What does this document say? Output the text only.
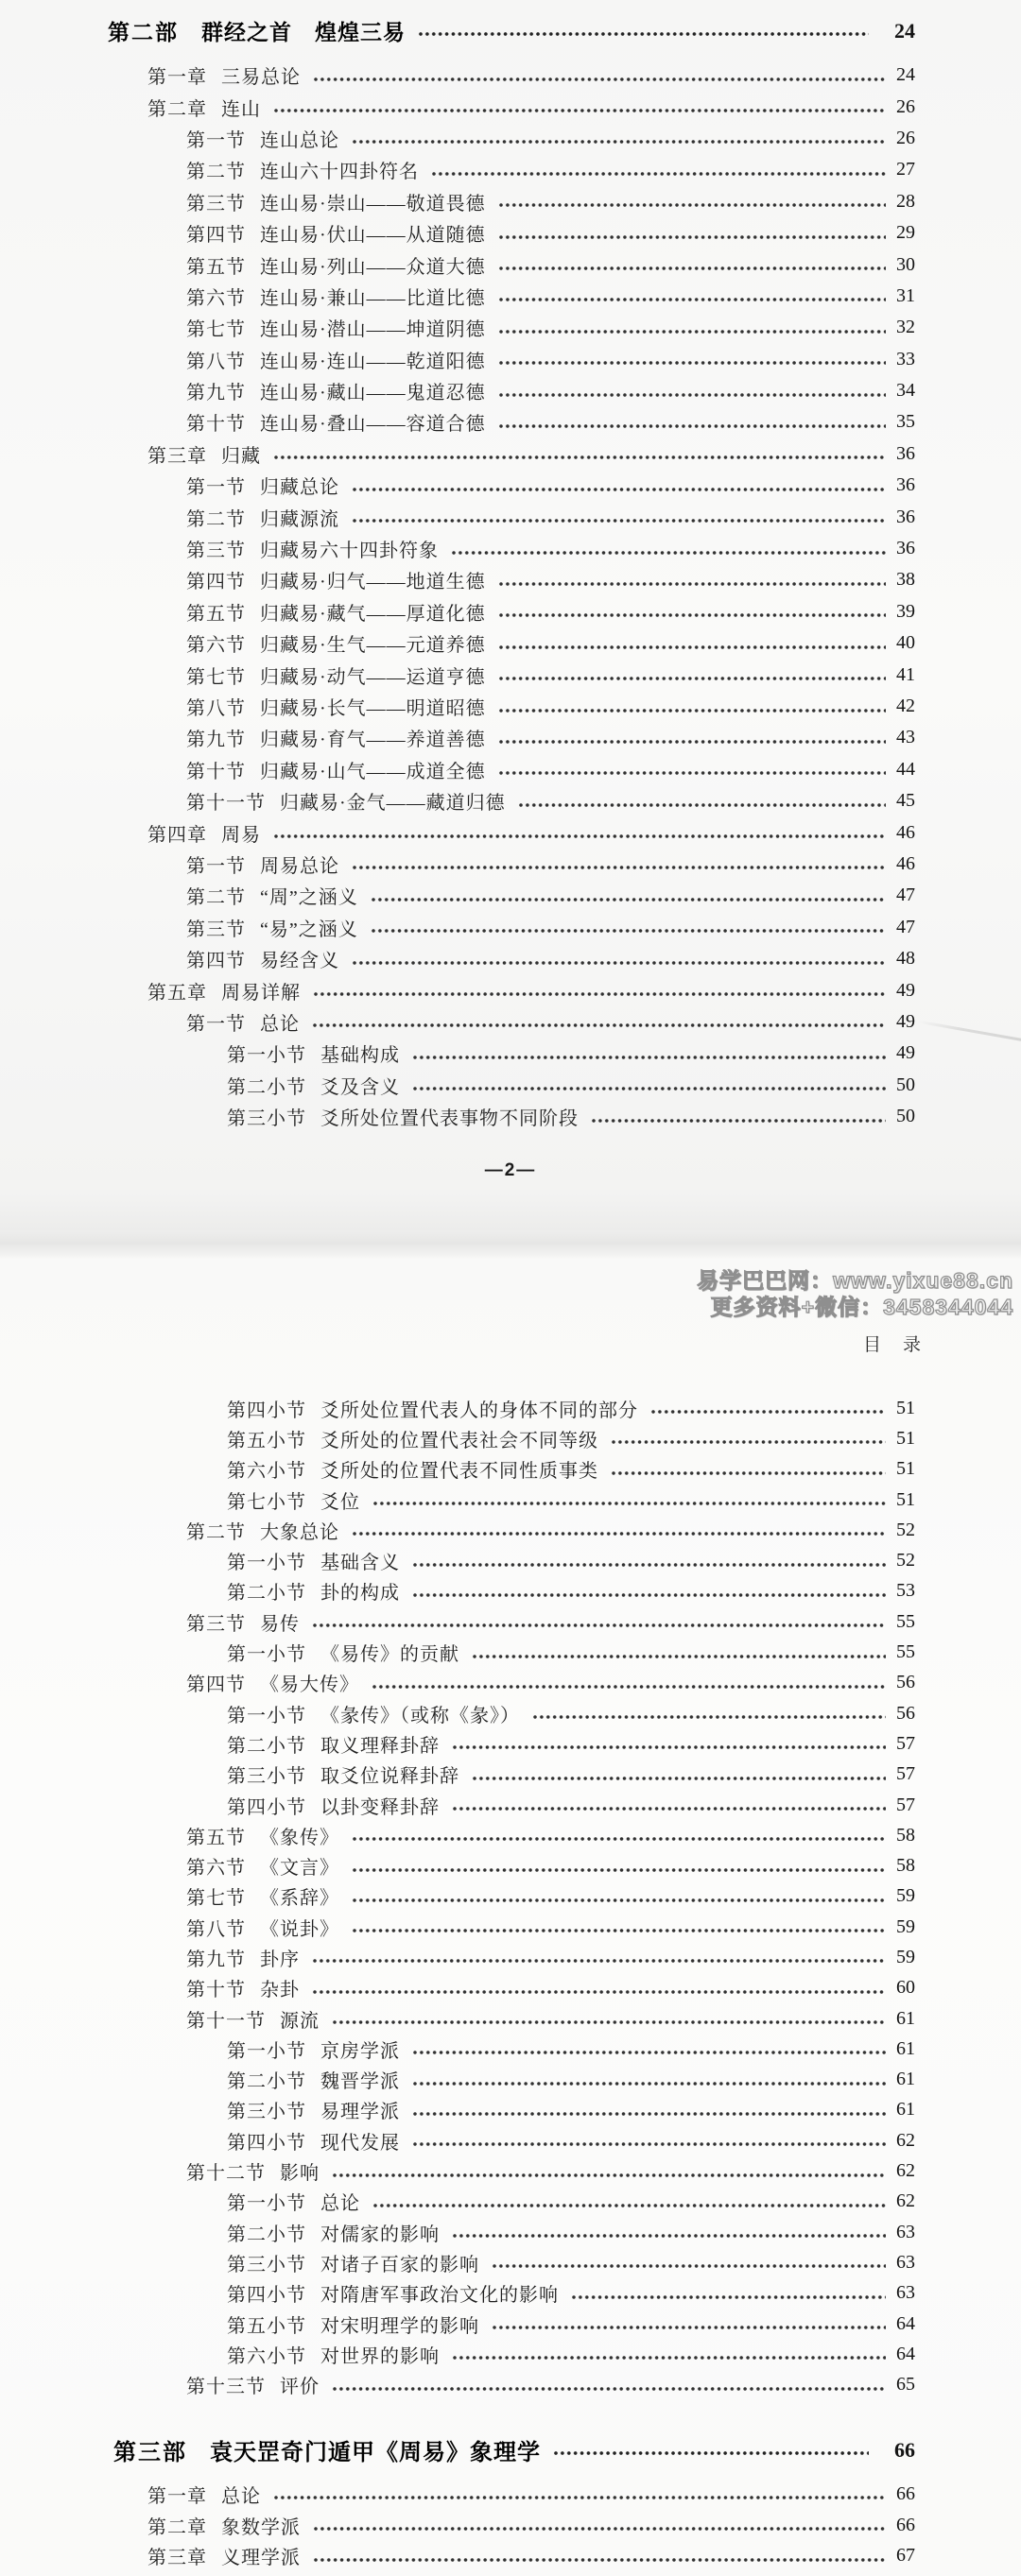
第二部 群经之首　煌煌三易	24
第一章 三易总论	24
第二章 连山	26
第一节 连山总论	26
第二节 连山六十四卦符名	27
第三节 连山易·崇山——敬道畏德	28
第四节 连山易·伏山——从道随德	29
第五节 连山易·列山——众道大德	30
第六节 连山易·兼山——比道比德	31
第七节 连山易·潜山——坤道阴德	32
第八节 连山易·连山——乾道阳德	33
第九节 连山易·藏山——鬼道忍德	34
第十节 连山易·叠山——容道合德	35
第三章 归藏	36
第一节 归藏总论	36
第二节 归藏源流	36
第三节 归藏易六十四卦符象	36
第四节 归藏易·归气——地道生德	38
第五节 归藏易·藏气——厚道化德	39
第六节 归藏易·生气——元道养德	40
第七节 归藏易·动气——运道亨德	41
第八节 归藏易·长气——明道昭德	42
第九节 归藏易·育气——养道善德	43
第十节 归藏易·山气——成道全德	44
第十一节 归藏易·金气——藏道归德	45
第四章 周易	46
第一节 周易总论	46
第二节 “周”之涵义	47
第三节 “易”之涵义	47
第四节 易经含义	48
第五章 周易详解	49
第一节 总论	49
第一小节 基础构成	49
第二小节 爻及含义	50
第三小节 爻所处位置代表事物不同阶段	50
—2—
易学巴巴网：www.yixue88.cn
更多资料+微信：3458344044
目　录
第四小节 爻所处位置代表人的身体不同的部分	51
第五小节 爻所处的位置代表社会不同等级	51
第六小节 爻所处的位置代表不同性质事类	51
第七小节 爻位	51
第二节 大象总论	52
第一小节 基础含义	52
第二小节 卦的构成	53
第三节 易传	55
第一小节 《易传》的贡献	55
第四节 《易大传》	56
第一小节 《彖传》（或称《彖》）	56
第二小节 取义理释卦辞	57
第三小节 取爻位说释卦辞	57
第四小节 以卦变释卦辞	57
第五节 《象传》	58
第六节 《文言》	58
第七节 《系辞》	59
第八节 《说卦》	59
第九节 卦序	59
第十节 杂卦	60
第十一节 源流	61
第一小节 京房学派	61
第二小节 魏晋学派	61
第三小节 易理学派	61
第四小节 现代发展	62
第十二节 影响	62
第一小节 总论	62
第二小节 对儒家的影响	63
第三小节 对诸子百家的影响	63
第四小节 对隋唐军事政治文化的影响	63
第五小节 对宋明理学的影响	64
第六小节 对世界的影响	64
第十三节 评价	65
第三部 袁天罡奇门遁甲《周易》象理学	66
第一章 总论	66
第二章 象数学派	66
第三章 义理学派	67
